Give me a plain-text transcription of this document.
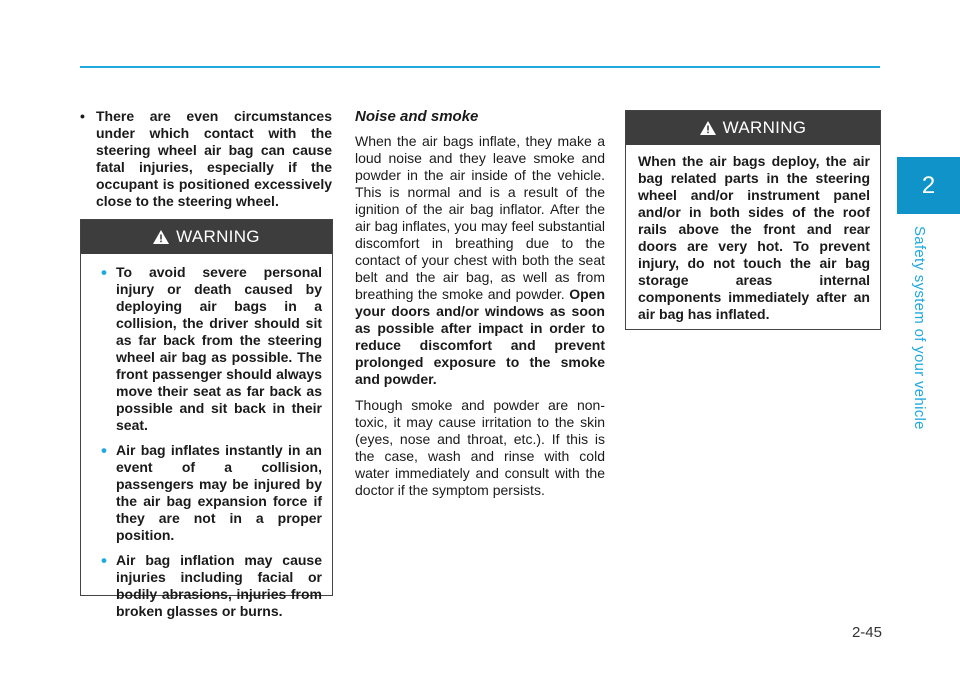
2
Safety system of your vehicle
• There are even circumstances under which contact with the steering wheel air bag can cause fatal injuries, especially if the occupant is positioned excessively close to the steering wheel.
WARNING
• To avoid severe personal injury or death caused by deploying air bags in a collision, the driver should sit as far back from the steering wheel air bag as possible. The front passenger should always move their seat as far back as possible and sit back in their seat.
• Air bag inflates instantly in an event of a collision, passengers may be injured by the air bag expansion force if they are not in a proper position.
• Air bag inflation may cause injuries including facial or bodily abrasions, injuries from broken glasses or burns.
Noise and smoke

When the air bags inflate, they make a loud noise and they leave smoke and powder in the air inside of the vehicle. This is normal and is a result of the ignition of the air bag inflator. After the air bag inflates, you may feel substantial discomfort in breathing due to the contact of your chest with both the seat belt and the air bag, as well as from breathing the smoke and powder. Open your doors and/or windows as soon as possible after impact in order to reduce discomfort and prevent prolonged exposure to the smoke and powder.

Though smoke and powder are non-toxic, it may cause irritation to the skin (eyes, nose and throat, etc.). If this is the case, wash and rinse with cold water immediately and consult with the doctor if the symptom persists.

WARNING
When the air bags deploy, the air bag related parts in the steering wheel and/or instrument panel and/or in both sides of the roof rails above the front and rear doors are very hot. To prevent injury, do not touch the air bag storage areas internal components immediately after an air bag has inflated.
2-45
